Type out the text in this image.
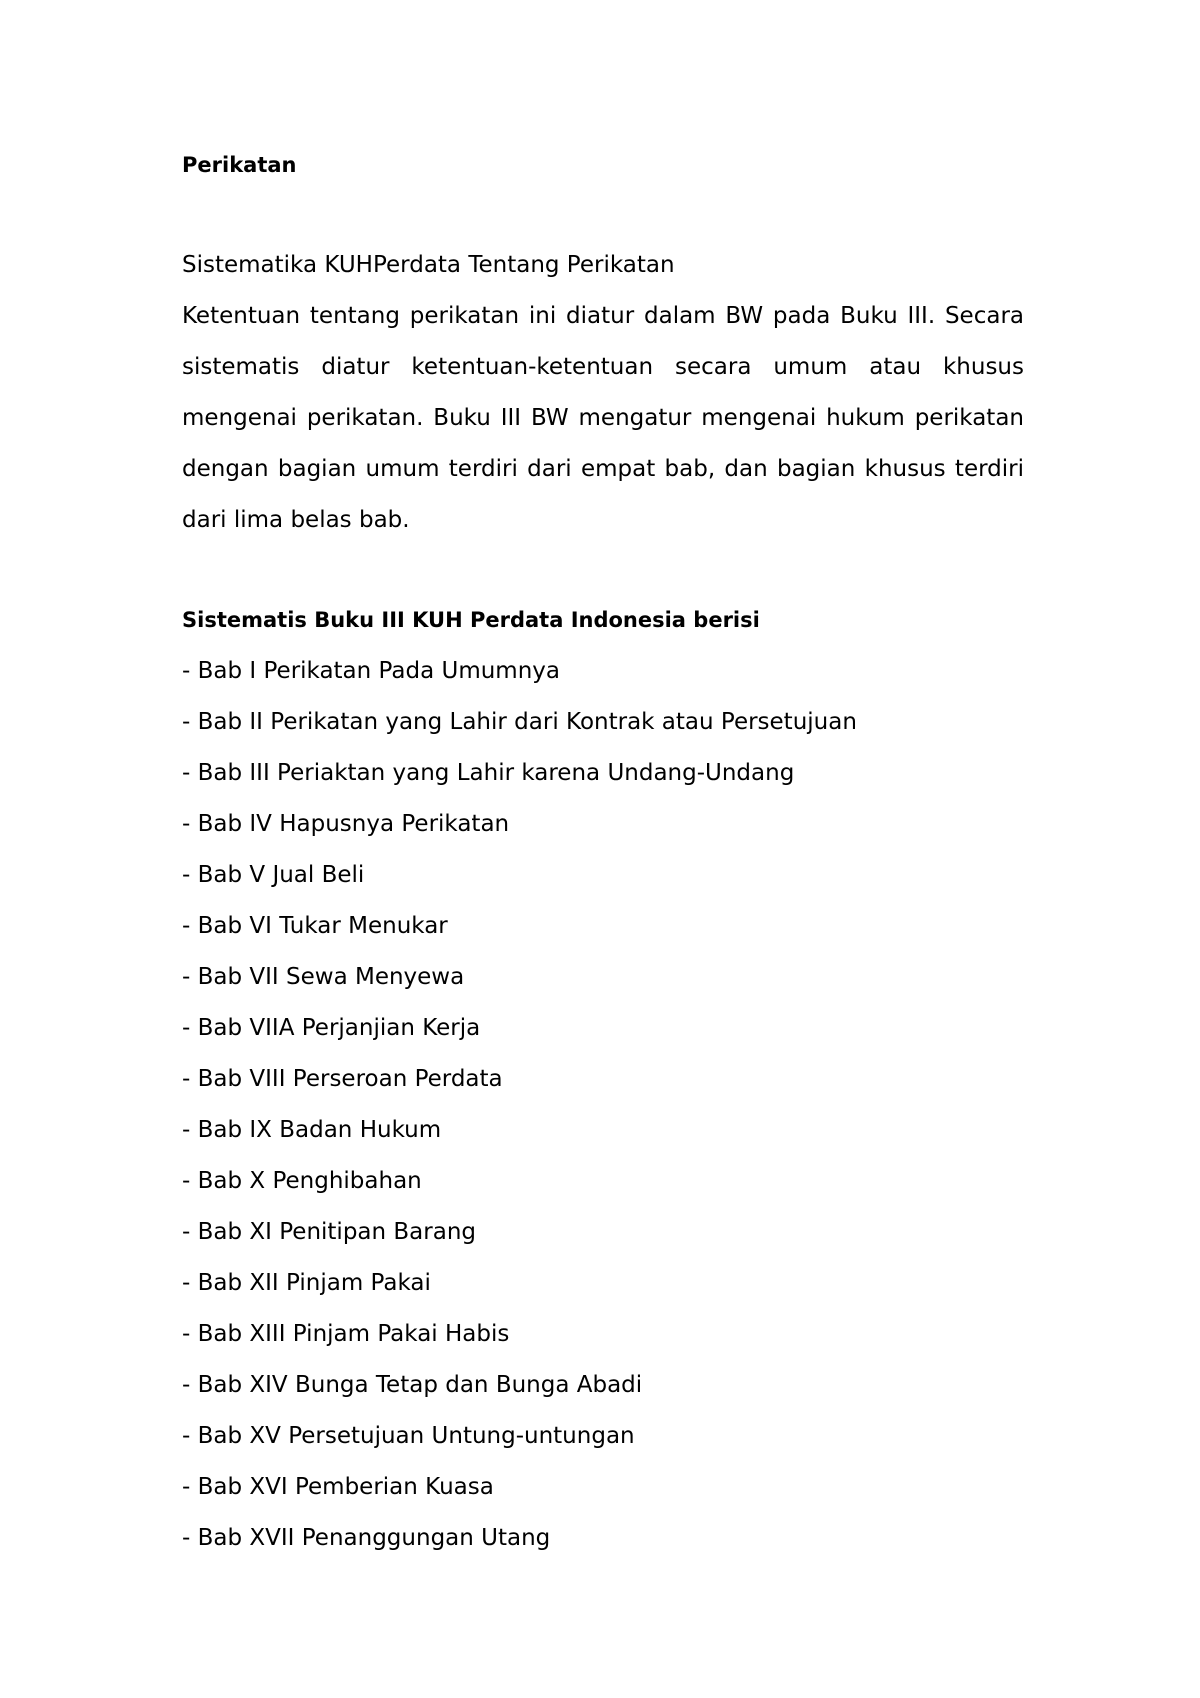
Perikatan

Sistematika KUHPerdata Tentang Perikatan

Ketentuan tentang perikatan ini diatur dalam BW pada Buku III. Secara sistematis diatur ketentuan-ketentuan secara umum atau khusus mengenai perikatan. Buku III BW mengatur mengenai hukum perikatan dengan bagian umum terdiri dari empat bab, dan bagian khusus terdiri dari lima belas bab.

Sistematis Buku III KUH Perdata Indonesia berisi

- Bab I Perikatan Pada Umumnya
- Bab II Perikatan yang Lahir dari Kontrak atau Persetujuan
- Bab III Periaktan yang Lahir karena Undang-Undang
- Bab IV Hapusnya Perikatan
- Bab V Jual Beli
- Bab VI Tukar Menukar
- Bab VII Sewa Menyewa
- Bab VIIA Perjanjian Kerja
- Bab VIII Perseroan Perdata
- Bab IX Badan Hukum
- Bab X Penghibahan
- Bab XI Penitipan Barang
- Bab XII Pinjam Pakai
- Bab XIII Pinjam Pakai Habis
- Bab XIV Bunga Tetap dan Bunga Abadi
- Bab XV Persetujuan Untung-untungan
- Bab XVI Pemberian Kuasa
- Bab XVII Penanggungan Utang
